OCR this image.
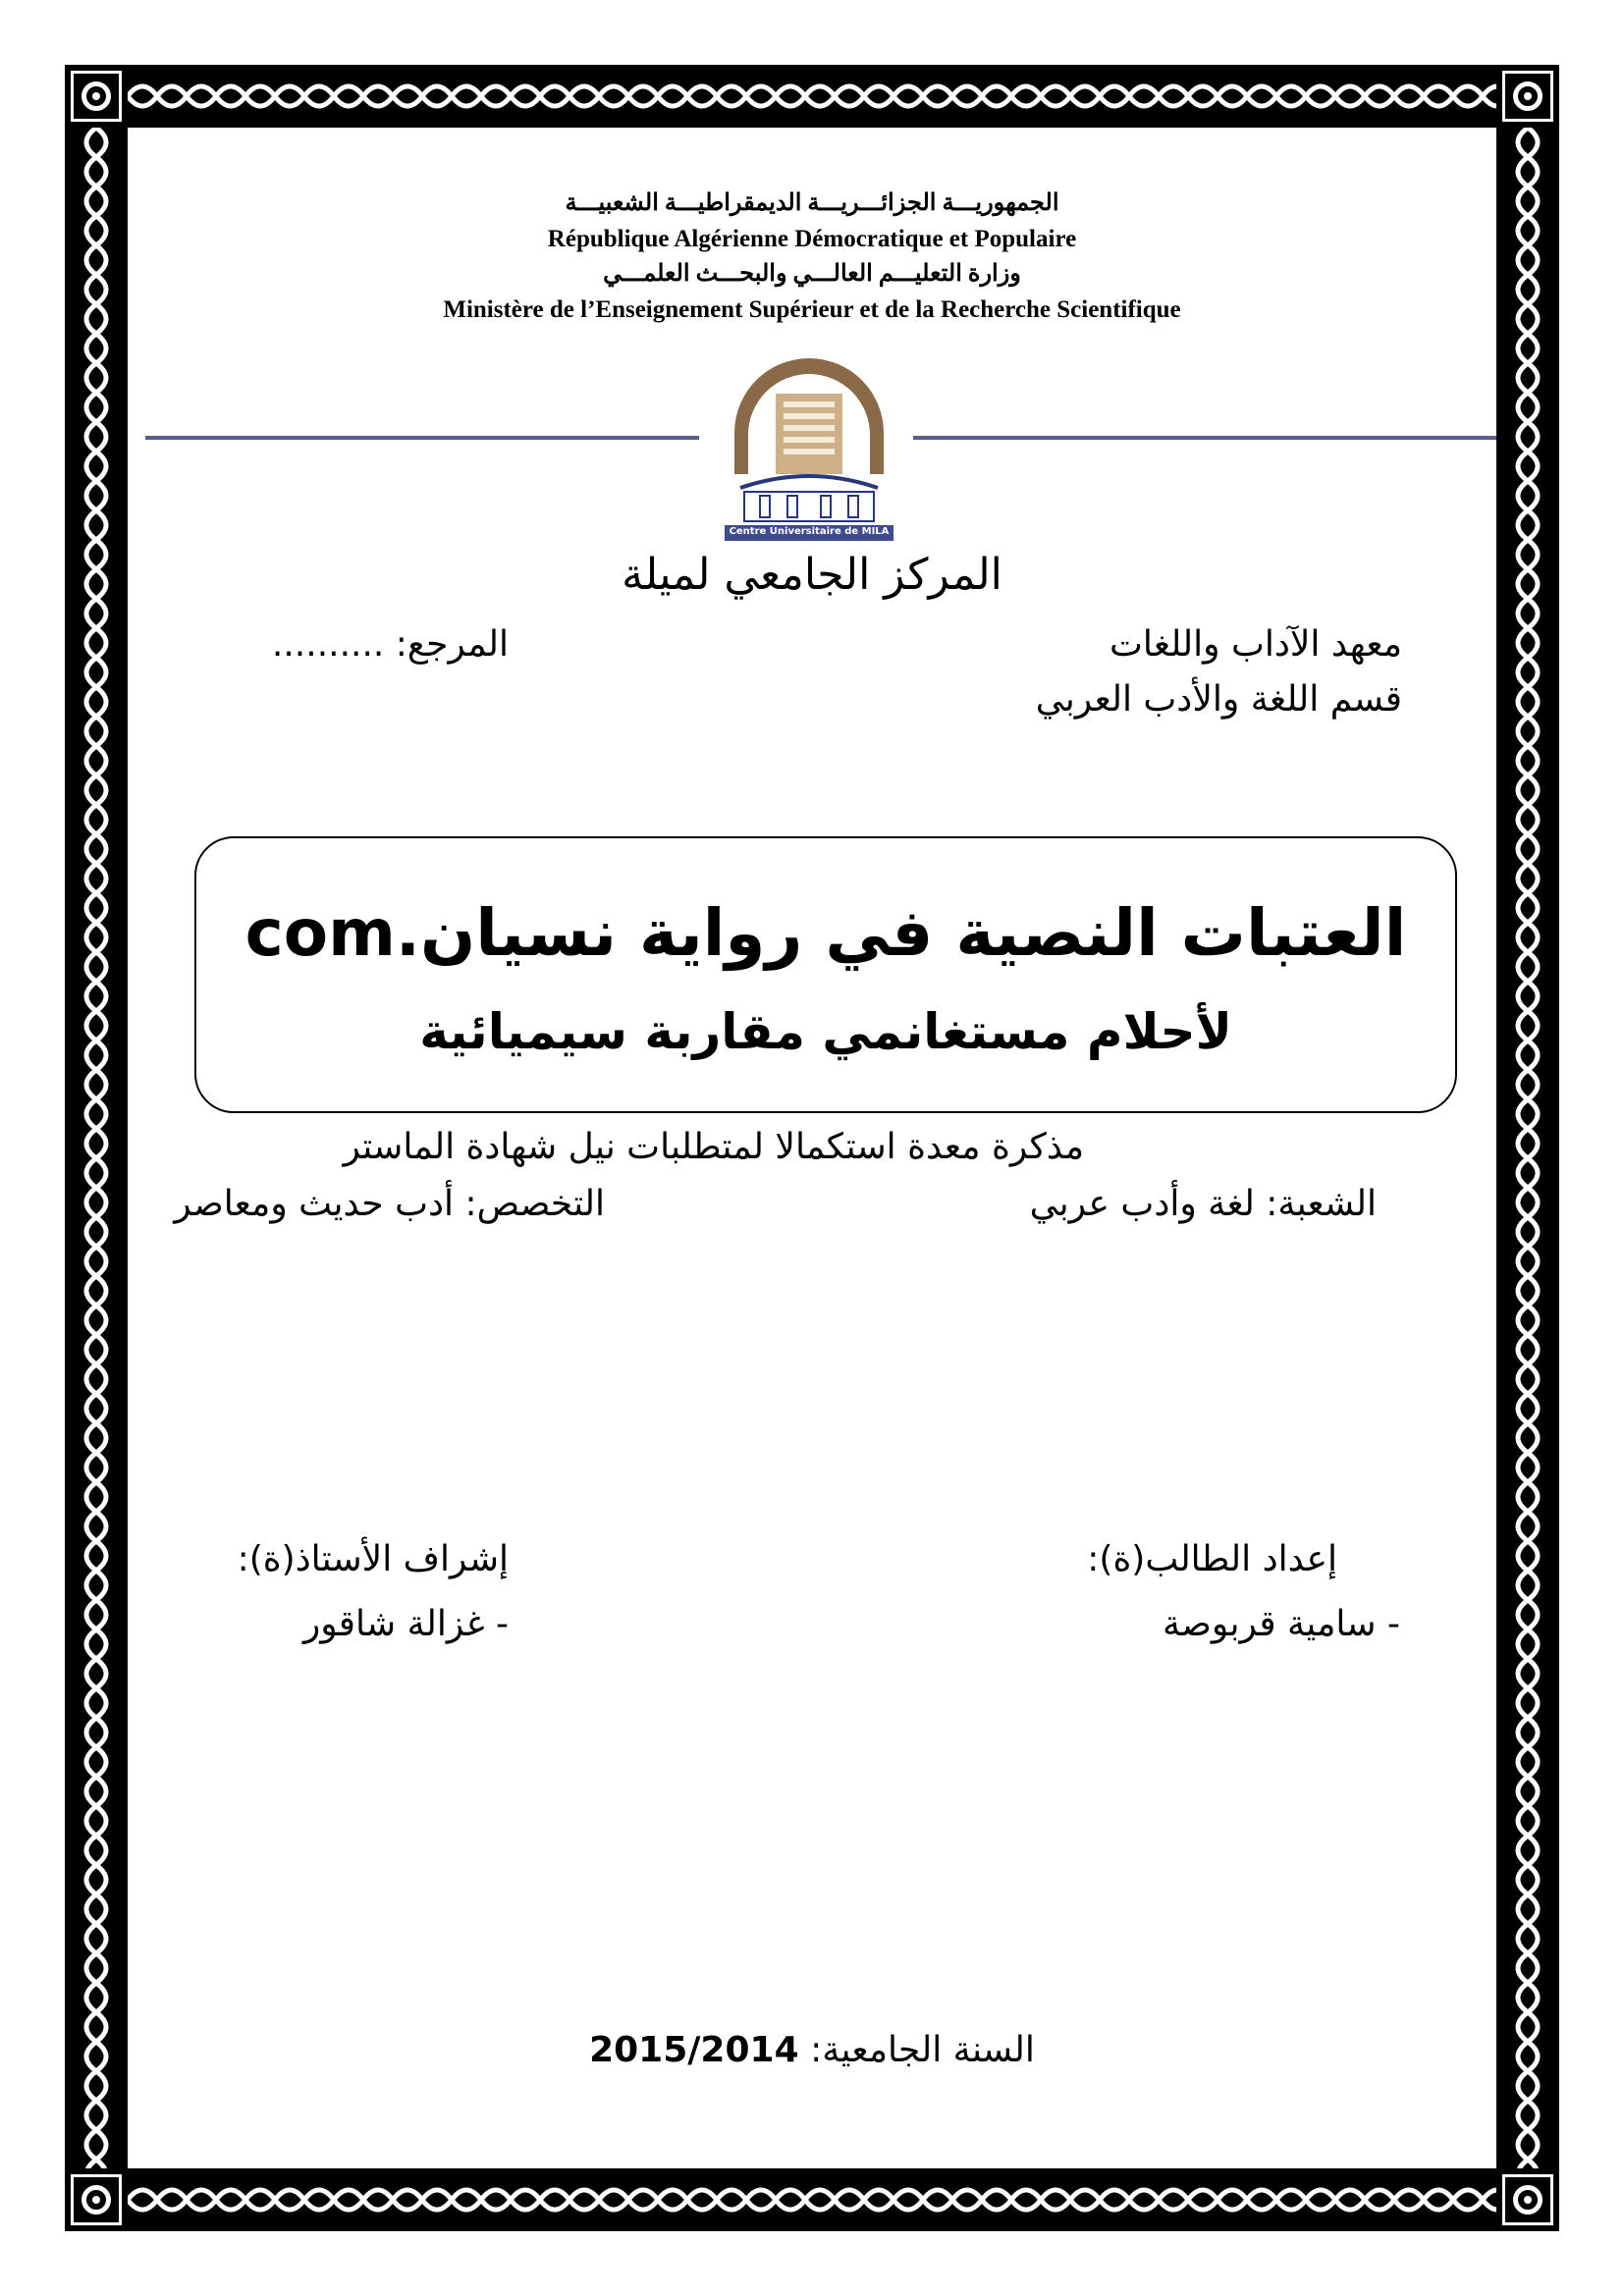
الجمهوريـــة الجزائـــريـــة الديمقراطيـــة الشعبيـــة
République Algérienne Démocratique et Populaire
وزارة التعليـــم العالـــي والبحـــث العلمـــي
Ministère de l’Enseignement Supérieur et de la Recherche Scientifique
Centre Universitaire de MILA
المركز الجامعي لميلة
معهد الآداب واللغات
المرجع: ..........
قسم اللغة والأدب العربي
العتبات النصية في رواية نسيان.com
لأحلام مستغانمي مقاربة سيميائية
مذكرة معدة استكمالا لمتطلبات نيل شهادة الماستر
الشعبة: لغة وأدب عربي
التخصص: أدب حديث ومعاصر
إعداد الطالب(ة):
إشراف الأستاذ(ة):
- سامية قربوصة
- غزالة شاقور
السنة الجامعية: 2015/2014
